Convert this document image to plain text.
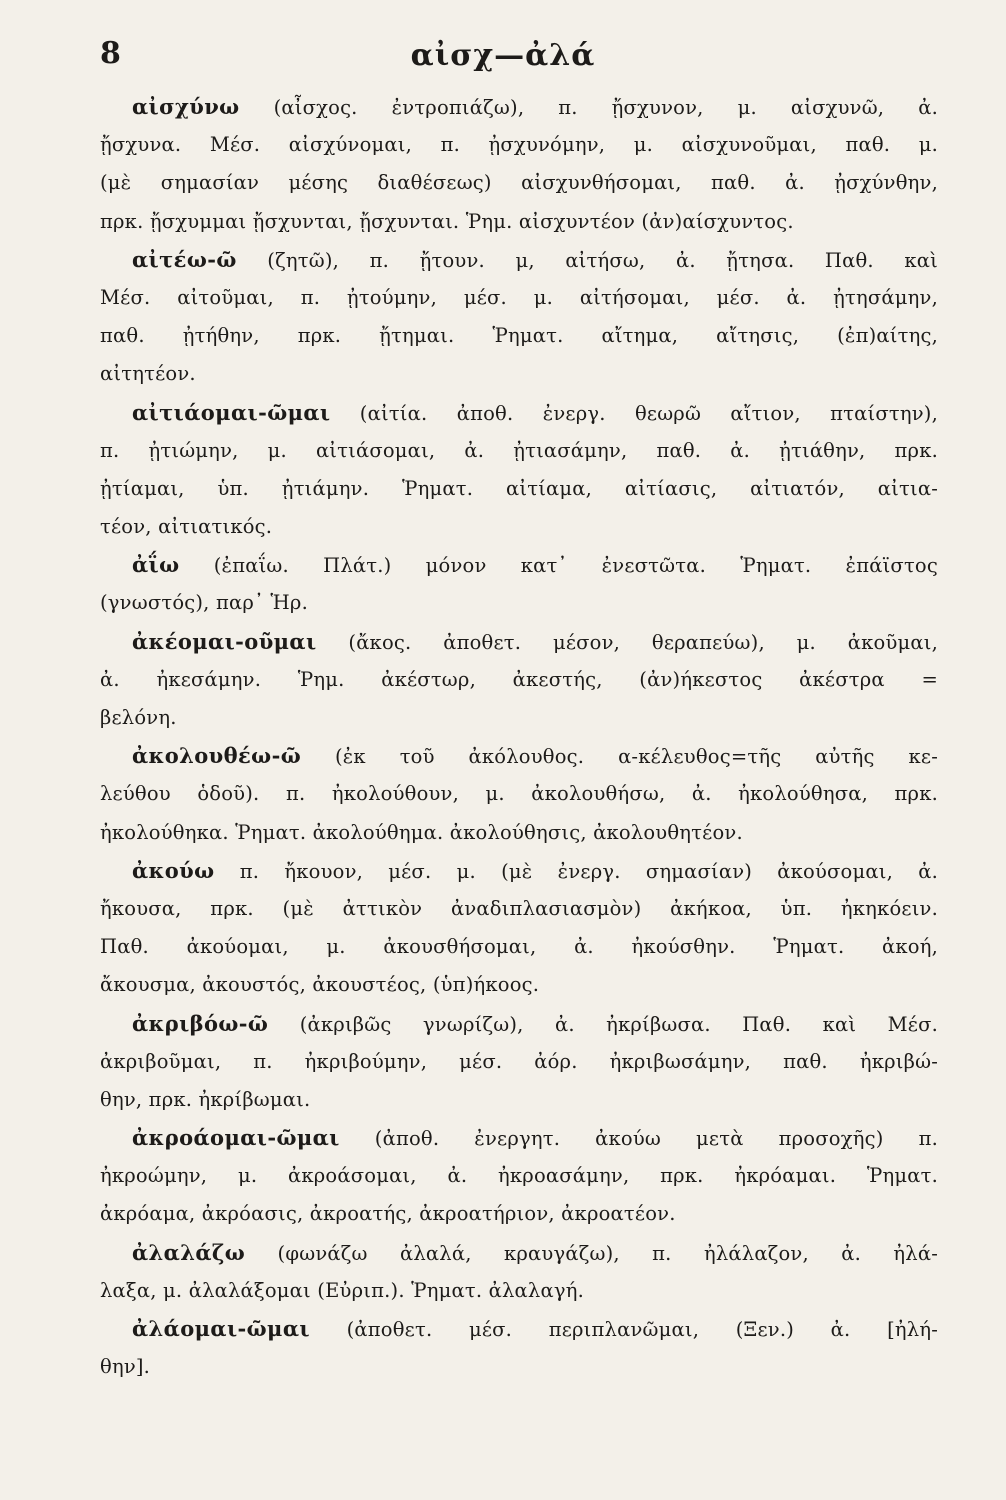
8	αἰσχ—ἀλά
αἰσχύνω (αἶσχος. ἐντροπιάζω), π. ᾔσχυνον, μ. αἰσχυνῶ, ἀ.
ᾔσχυνα. Μέσ. αἰσχύνομαι, π. ᾐσχυνόμην, μ. αἰσχυνοῦμαι, παθ. μ.
(μὲ σημασίαν μέσης διαθέσεως) αἰσχυνθήσομαι, παθ. ἀ. ᾐσχύνθην,
πρκ. ᾔσχυμμαι ᾔσχυνται, ᾔσχυνται. Ῥημ. αἰσχυντέον (ἀν)αίσχυντος.
αἰτέω-ῶ (ζητῶ), π. ᾔτουν. μ, αἰτήσω, ἀ. ᾔτησα. Παθ. καὶ
Μέσ. αἰτοῦμαι, π. ᾐτούμην, μέσ. μ. αἰτήσομαι, μέσ. ἀ. ᾐτησάμην,
παθ. ᾐτήθην, πρκ. ᾔτημαι. Ῥηματ. αἴτημα, αἴτησις, (ἐπ)αίτης,
αἰτητέον.
αἰτιάομαι-ῶμαι (αἰτία. ἀποθ. ἐνεργ. θεωρῶ αἴτιον, πταίστην),
π. ᾐτιώμην, μ. αἰτιάσομαι, ἀ. ᾐτιασάμην, παθ. ἀ. ᾐτιάθην, πρκ.
ᾐτίαμαι, ὑπ. ᾐτιάμην. Ῥηματ. αἰτίαμα, αἰτίασις, αἰτιατόν, αἰτια-
τέον, αἰτιατικός.
ἀΐω (ἐπαΐω. Πλάτ.) μόνον κατ᾽ ἐνεστῶτα. Ῥηματ. ἐπάϊστος
(γνωστός), παρ᾽ Ἡρ.
ἀκέομαι-οῦμαι (ἄκος. ἀποθετ. μέσον, θεραπεύω), μ. ἀκοῦμαι,
ἀ. ἠκεσάμην. Ῥημ. ἀκέστωρ, ἀκεστής, (ἀν)ήκεστος ἀκέστρα =
βελόνη.
ἀκολουθέω-ῶ (ἐκ τοῦ ἀκόλουθος. α-κέλευθος=τῆς αὐτῆς κε-
λεύθου ὁδοῦ). π. ἠκολούθουν, μ. ἀκολουθήσω, ἀ. ἠκολούθησα, πρκ.
ἠκολούθηκα. Ῥηματ. ἀκολούθημα. ἀκολούθησις, ἀκολουθητέον.
ἀκούω π. ἤκουον, μέσ. μ. (μὲ ἐνεργ. σημασίαν) ἀκούσομαι, ἀ.
ἤκουσα, πρκ. (μὲ ἀττικὸν ἀναδιπλασιασμὸν) ἀκήκοα, ὑπ. ἠκηκόειν.
Παθ. ἀκούομαι, μ. ἀκουσθήσομαι, ἀ. ἠκούσθην. Ῥηματ. ἀκοή,
ἄκουσμα, ἀκουστός, ἀκουστέος, (ὑπ)ήκοος.
ἀκριβόω-ῶ (ἀκριβῶς γνωρίζω), ἀ. ἠκρίβωσα. Παθ. καὶ Μέσ.
ἀκριβοῦμαι, π. ἠκριβούμην, μέσ. ἀόρ. ἠκριβωσάμην, παθ. ἠκριβώ-
θην, πρκ. ἠκρίβωμαι.
ἀκροάομαι-ῶμαι (ἀποθ. ἐνεργητ. ἀκούω μετὰ προσοχῆς) π.
ἠκροώμην, μ. ἀκροάσομαι, ἀ. ἠκροασάμην, πρκ. ἠκρόαμαι. Ῥηματ.
ἀκρόαμα, ἀκρόασις, ἀκροατής, ἀκροατήριον, ἀκροατέον.
ἀλαλάζω (φωνάζω ἀλαλά, κραυγάζω), π. ἠλάλαζον, ἀ. ἠλά-
λαξα, μ. ἀλαλάξομαι (Εὐριπ.). Ῥηματ. ἀλαλαγή.
ἀλάομαι-ῶμαι (ἀποθετ. μέσ. περιπλανῶμαι, (Ξεν.) ἀ. [ἠλή-
θην].
